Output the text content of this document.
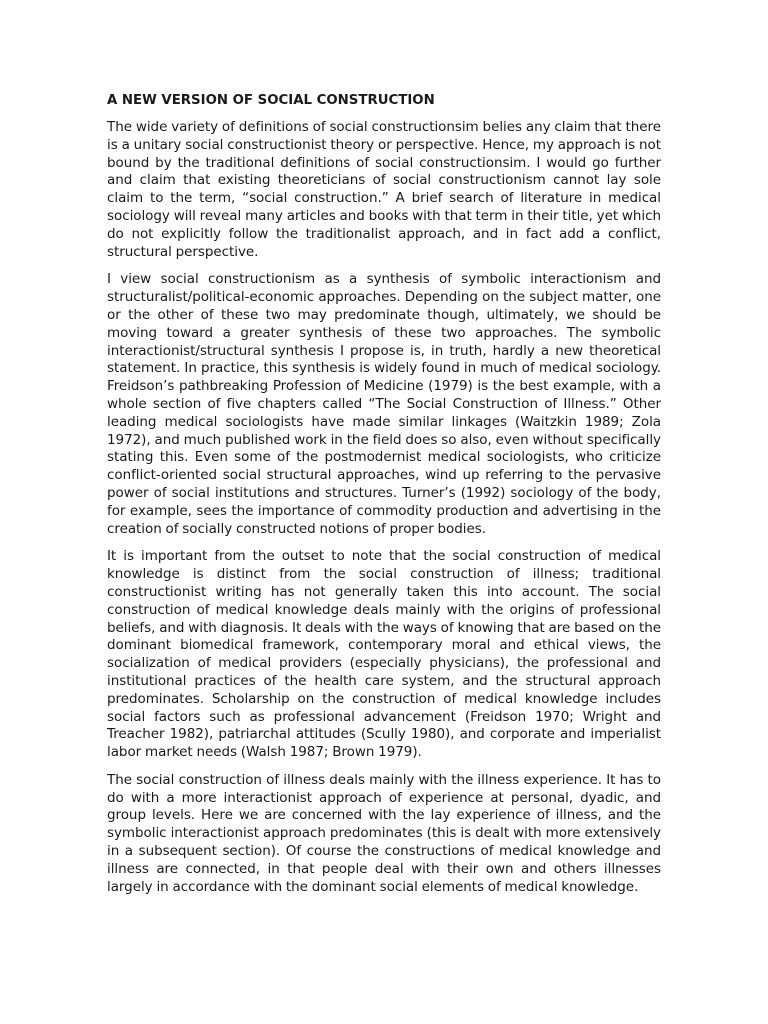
A NEW VERSION OF SOCIAL CONSTRUCTION

The wide variety of definitions of social constructionsim belies any claim that there is a unitary social constructionist theory or perspective. Hence, my approach is not bound by the traditional definitions of social constructionsim. I would go further and claim that existing theoreticians of social constructionism cannot lay sole claim to the term, “social construction.” A brief search of literature in medical sociology will reveal many articles and books with that term in their title, yet which do not explicitly follow the traditionalist approach, and in fact add a conflict, structural perspective.

I view social constructionism as a synthesis of symbolic interactionism and structuralist/political-economic approaches. Depending on the subject matter, one or the other of these two may predominate though, ultimately, we should be moving toward a greater synthesis of these two approaches. The symbolic interactionist/structural synthesis I propose is, in truth, hardly a new theoretical statement. In practice, this synthesis is widely found in much of medical sociology. Freidson’s pathbreaking Profession of Medicine (1979) is the best example, with a whole section of five chapters called “The Social Construction of Illness.” Other leading medical sociologists have made similar linkages (Waitzkin 1989; Zola 1972), and much published work in the field does so also, even without specifically stating this. Even some of the postmodernist medical sociologists, who criticize conflict-oriented social structural approaches, wind up referring to the pervasive power of social institutions and structures. Turner’s (1992) sociology of the body, for example, sees the importance of commodity production and advertising in the creation of socially constructed notions of proper bodies.

It is important from the outset to note that the social construction of medical knowledge is distinct from the social construction of illness; traditional constructionist writing has not generally taken this into account. The social construction of medical knowledge deals mainly with the origins of professional beliefs, and with diagnosis. It deals with the ways of knowing that are based on the dominant biomedical framework, contemporary moral and ethical views, the socialization of medical providers (especially physicians), the professional and institutional practices of the health care system, and the structural approach predominates. Scholarship on the construction of medical knowledge includes social factors such as professional advancement (Freidson 1970; Wright and Treacher 1982), patriarchal attitudes (Scully 1980), and corporate and imperialist labor market needs (Walsh 1987; Brown 1979).

The social construction of illness deals mainly with the illness experience. It has to do with a more interactionist approach of experience at personal, dyadic, and group levels. Here we are concerned with the lay experience of illness, and the symbolic interactionist approach predominates (this is dealt with more extensively in a subsequent section). Of course the constructions of medical knowledge and illness are connected, in that people deal with their own and others illnesses largely in accordance with the dominant social elements of medical knowledge.
